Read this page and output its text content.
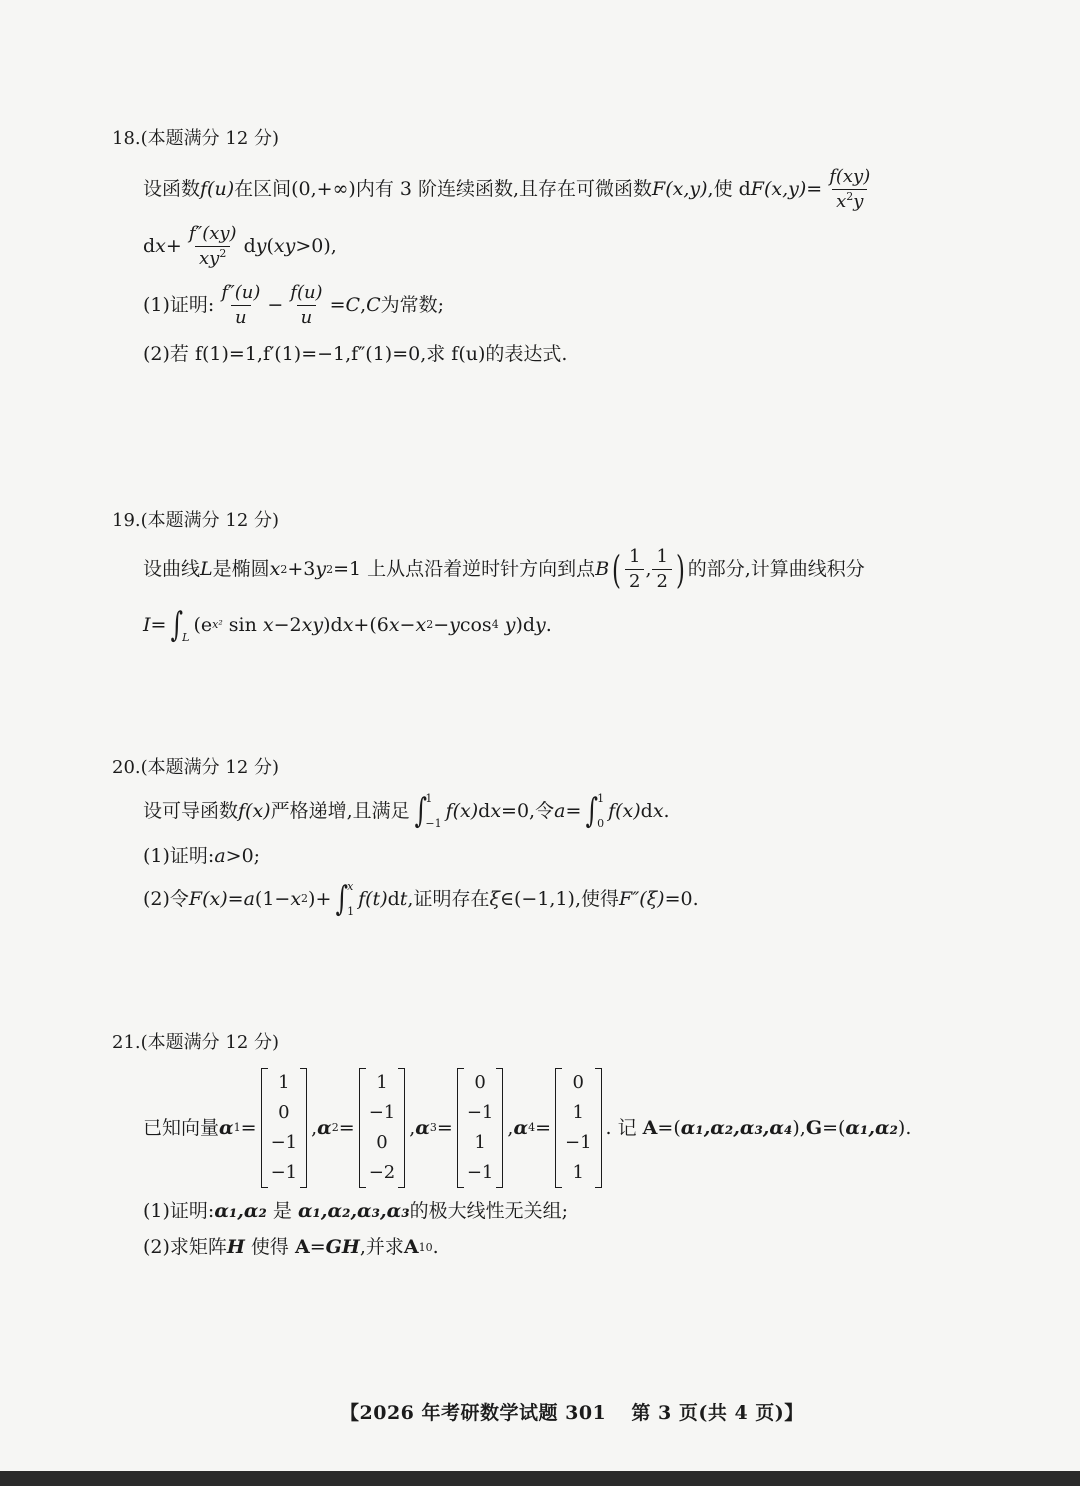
18.(本题满分 12 分)
设函数 f(u) 在区间(0,+∞)内有 3 阶连续函数,且存在可微函数 F(x,y) ,使 d $F(x,y) = \frac{f(xy)}{x^2y}$
d $x + \frac{f''(xy)}{xy^2}$ d y ( xy >0),
(1)证明: $\frac{f''(u)}{u} - \frac{f(u)}{u} = C$ , C 为常数;
(2)若 f(1)=1,f′(1)=−1,f″(1)=0,求 f(u)的表达式.
19.(本题满分 12 分)
设曲线 L 是椭圆 x 2 +3 y 2 =1 上从点沿着逆时针方向到点 B ( $\frac{1}{2}$ , $\frac{1}{2}$ ) 的部分,计算曲线积分
I = ∫

L
(e x² sin x −2 xy )d x +(6 x − x 2 − y cos 4
y )d y .
20.(本题满分 12 分)
设可导函数 f(x) 严格递增,且满足 ∫
1
−1
f(x) d x =0,令 a = ∫
1
0
f(x) d x .
(1)证明: a >0;
(2)令 F(x) = a (1− x 2 )+ ∫
x
1
f(t) d t ,证明存在 ξ ∈(−1,1),使得 F″(ξ) =0.
21.(本题满分 12 分)
已知向量 α 1 =
1
0
−1
−1
, α 2 =
1
−1
0
−2
, α 3 =
0
−1
1
−1
, α 4 =
0
1
−1
1
. 记 A =( α₁,α₂,α₃,α₄ ), G =( α₁,α₂ ).
(1)证明: α₁,α₂ 是 α₁,α₂,α₃,α₃ 的极大线性无关组;
(2)求矩阵 H 使得 A = GH ,并求 A 10 .
【2026 年考研数学试题 301 第 3 页(共 4 页)】
